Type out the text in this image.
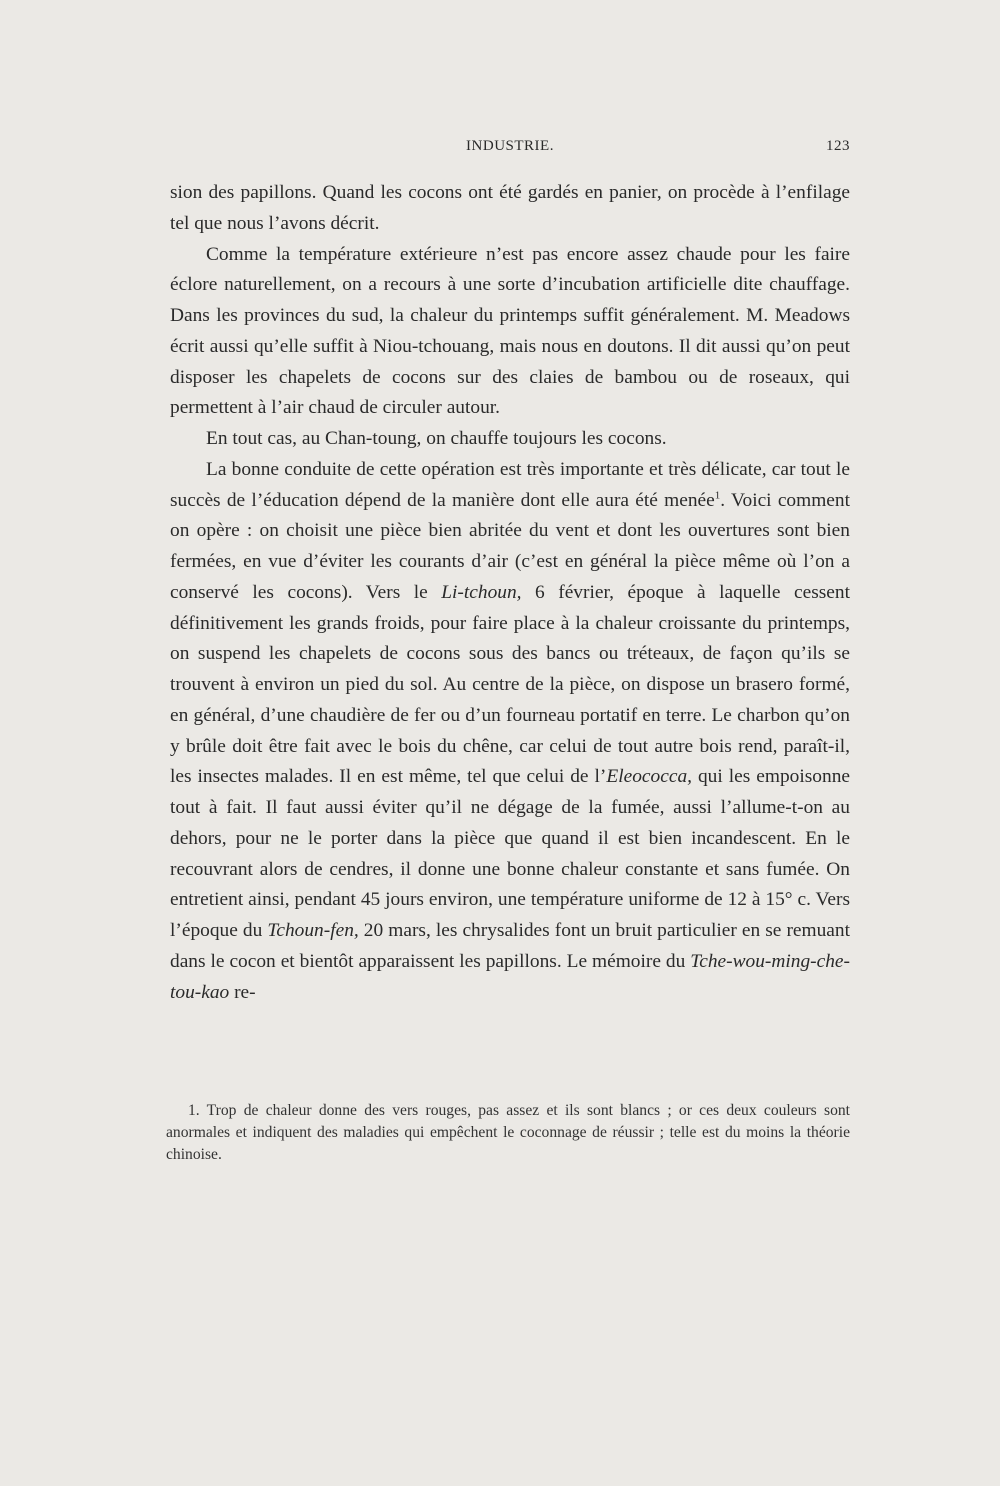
INDUSTRIE.	123

sion des papillons. Quand les cocons ont été gardés en panier, on procède à l’enfilage tel que nous l’avons décrit.

Comme la température extérieure n’est pas encore assez chaude pour les faire éclore naturellement, on a recours à une sorte d’incubation artificielle dite chauffage. Dans les provinces du sud, la chaleur du printemps suffit généralement. M. Meadows écrit aussi qu’elle suffit à Niou-tchouang, mais nous en doutons. Il dit aussi qu’on peut disposer les chapelets de cocons sur des claies de bambou ou de roseaux, qui permettent à l’air chaud de circuler autour.

En tout cas, au Chan-toung, on chauffe toujours les cocons.

La bonne conduite de cette opération est très importante et très délicate, car tout le succès de l’éducation dépend de la manière dont elle aura été menée$^1$. Voici comment on opère : on choisit une pièce bien abritée du vent et dont les ouvertures sont bien fermées, en vue d’éviter les courants d’air (c’est en général la pièce même où l’on a conservé les cocons). Vers le Li-tchoun, 6 février, époque à laquelle cessent définitivement les grands froids, pour faire place à la chaleur croissante du printemps, on suspend les chapelets de cocons sous des bancs ou tréteaux, de façon qu’ils se trouvent à environ un pied du sol. Au centre de la pièce, on dispose un brasero formé, en général, d’une chaudière de fer ou d’un fourneau portatif en terre. Le charbon qu’on y brûle doit être fait avec le bois du chêne, car celui de tout autre bois rend, paraît-il, les insectes malades. Il en est même, tel que celui de l’Eleococca, qui les empoisonne tout à fait. Il faut aussi éviter qu’il ne dégage de la fumée, aussi l’allume-t-on au dehors, pour ne le porter dans la pièce que quand il est bien incandescent. En le recouvrant alors de cendres, il donne une bonne chaleur constante et sans fumée. On entretient ainsi, pendant 45 jours environ, une température uniforme de 12 à 15° c. Vers l’époque du Tchoun-fen, 20 mars, les chrysalides font un bruit particulier en se remuant dans le cocon et bientôt apparaissent les papillons. Le mémoire du Tche-wou-ming-che-tou-kao re-

1. Trop de chaleur donne des vers rouges, pas assez et ils sont blancs ; or ces deux couleurs sont anormales et indiquent des maladies qui empêchent le coconnage de réussir ; telle est du moins la théorie chinoise.
